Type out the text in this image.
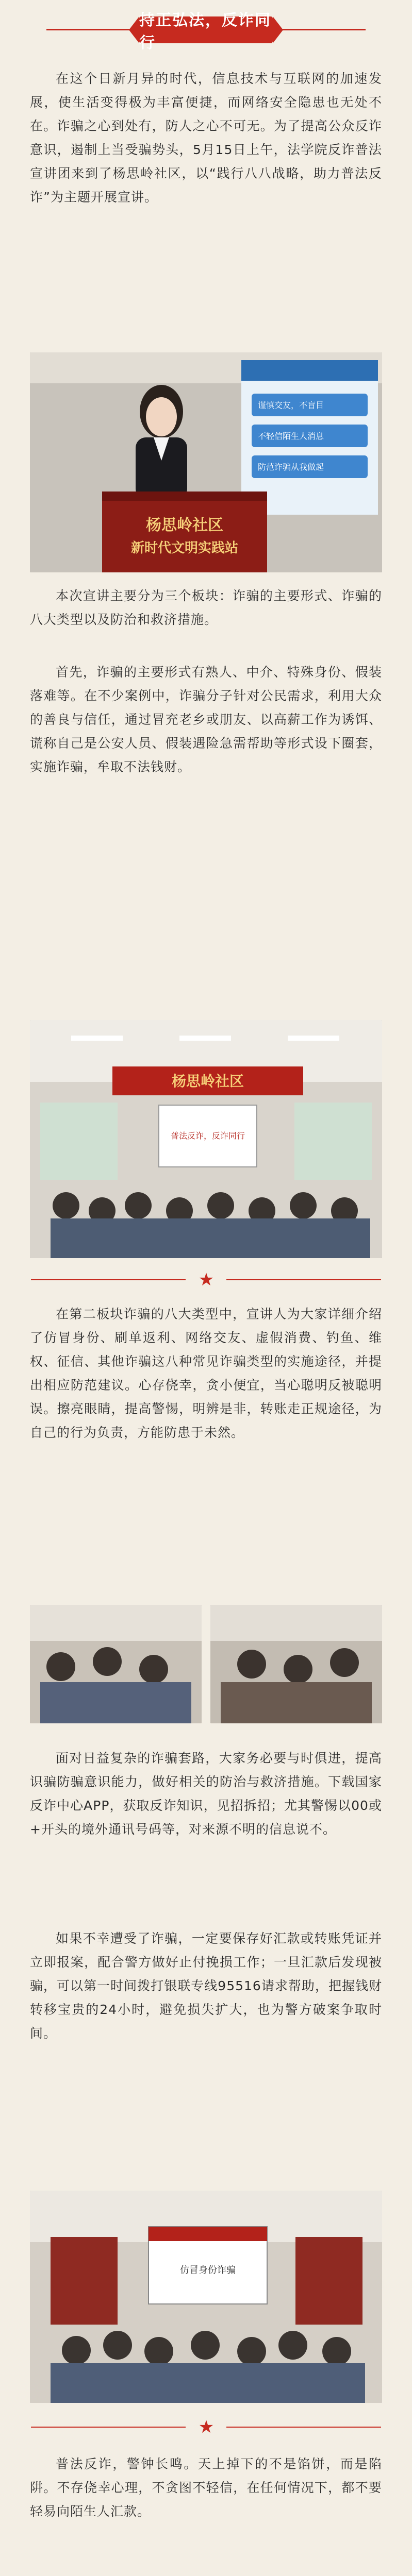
持正弘法，反诈同行

在这个日新月异的时代，信息技术与互联网的加速发展，使生活变得极为丰富便捷，而网络安全隐患也无处不在。诈骗之心到处有，防人之心不可无。为了提高公众反诈意识，遏制上当受骗势头，5月15日上午，法学院反诈普法宣讲团来到了杨思岭社区，以“践行八八战略，助力普法反诈”为主题开展宣讲。

谨慎交友，不盲目
不轻信陌生人消息
防范诈骗从我做起
杨思岭社区
新时代文明实践站

本次宣讲主要分为三个板块：诈骗的主要形式、诈骗的八大类型以及防治和救济措施。

首先，诈骗的主要形式有熟人、中介、特殊身份、假装落难等。在不少案例中，诈骗分子针对公民需求，利用大众的善良与信任，通过冒充老乡或朋友、以高薪工作为诱饵、谎称自己是公安人员、假装遇险急需帮助等形式设下圈套，实施诈骗，牟取不法钱财。

杨思岭社区
普法反诈，反诈同行
★

在第二板块诈骗的八大类型中，宣讲人为大家详细介绍了仿冒身份、刷单返利、网络交友、虚假消费、钓鱼、维权、征信、其他诈骗这八种常见诈骗类型的实施途径，并提出相应防范建议。心存侥幸，贪小便宜，当心聪明反被聪明误。擦亮眼睛，提高警惕，明辨是非，转账走正规途径，为自己的行为负责，方能防患于未然。

面对日益复杂的诈骗套路，大家务必要与时俱进，提高识骗防骗意识能力，做好相关的防治与救济措施。下载国家反诈中心APP，获取反诈知识，见招拆招；尤其警惕以00或+开头的境外通讯号码等，对来源不明的信息说不。

如果不幸遭受了诈骗，一定要保存好汇款或转账凭证并立即报案，配合警方做好止付挽损工作；一旦汇款后发现被骗，可以第一时间拨打银联专线95516请求帮助，把握钱财转移宝贵的24小时，避免损失扩大，也为警方破案争取时间。

仿冒身份诈骗
★

普法反诈，警钟长鸣。天上掉下的不是馅饼，而是陷阱。不存侥幸心理，不贪图不轻信，在任何情况下，都不要轻易向陌生人汇款。
